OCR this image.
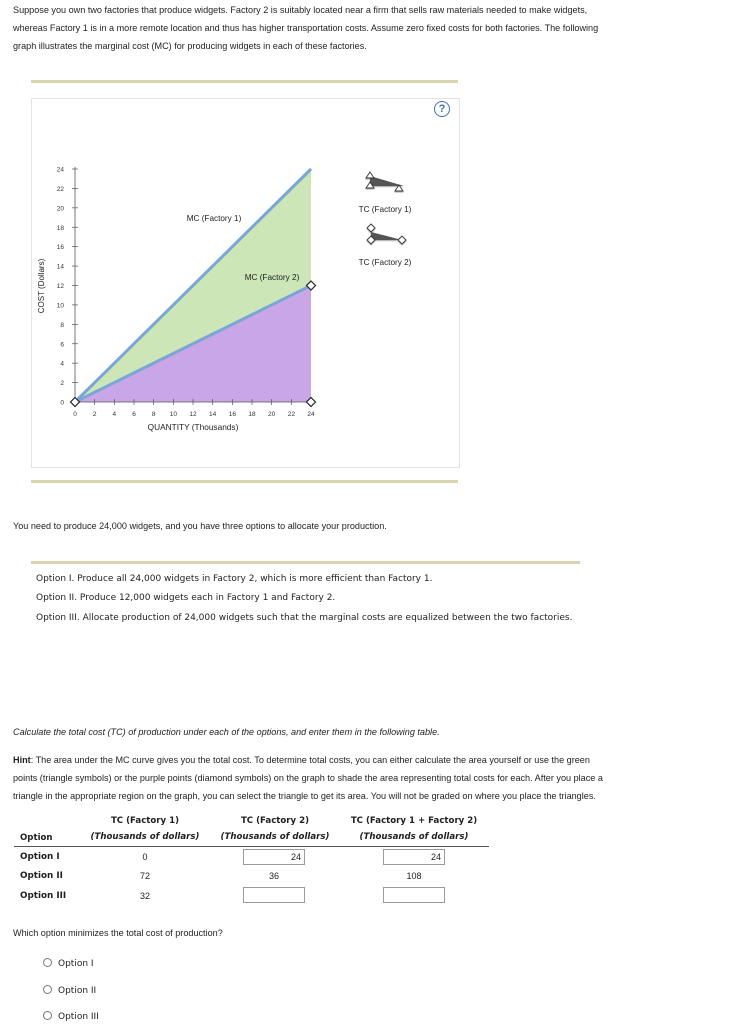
Suppose you own two factories that produce widgets. Factory 2 is suitably located near a firm that sells raw materials needed to make widgets,
whereas Factory 1 is in a more remote location and thus has higher transportation costs. Assume zero fixed costs for both factories. The following
graph illustrates the marginal cost (MC) for producing widgets in each of these factories.
?
0
2
4
6
8
10
12
14
16
18
20
22
24
0 2 4 6 8 10 12 14 16 18 20 22 24
QUANTITY (Thousands)
COST (Dollars)
MC (Factory 1)
MC (Factory 2)
TC (Factory 1)
TC (Factory 2)
You need to produce 24,000 widgets, and you have three options to allocate your production.
Option I. Produce all 24,000 widgets in Factory 2, which is more efficient than Factory 1.
Option II. Produce 12,000 widgets each in Factory 1 and Factory 2.
Option III. Allocate production of 24,000 widgets such that the marginal costs are equalized between the two factories.
Calculate the total cost (TC) of production under each of the options, and enter them in the following table.
Hint: The area under the MC curve gives you the total cost. To determine total costs, you can either calculate the area yourself or use the green
points (triangle symbols) or the purple points (diamond symbols) on the graph to shade the area representing total costs for each. After you place a
triangle in the appropriate region on the graph, you can select the triangle to get its area. You will not be graded on where you place the triangles.
Option
TC (Factory 1)
(Thousands of dollars)
TC (Factory 2)
(Thousands of dollars)
TC (Factory 1 + Factory 2)
(Thousands of dollars)
Option I	0	24	24
Option II	72	36	108
Option III	32
Which option minimizes the total cost of production?
Option I
Option II
Option III
